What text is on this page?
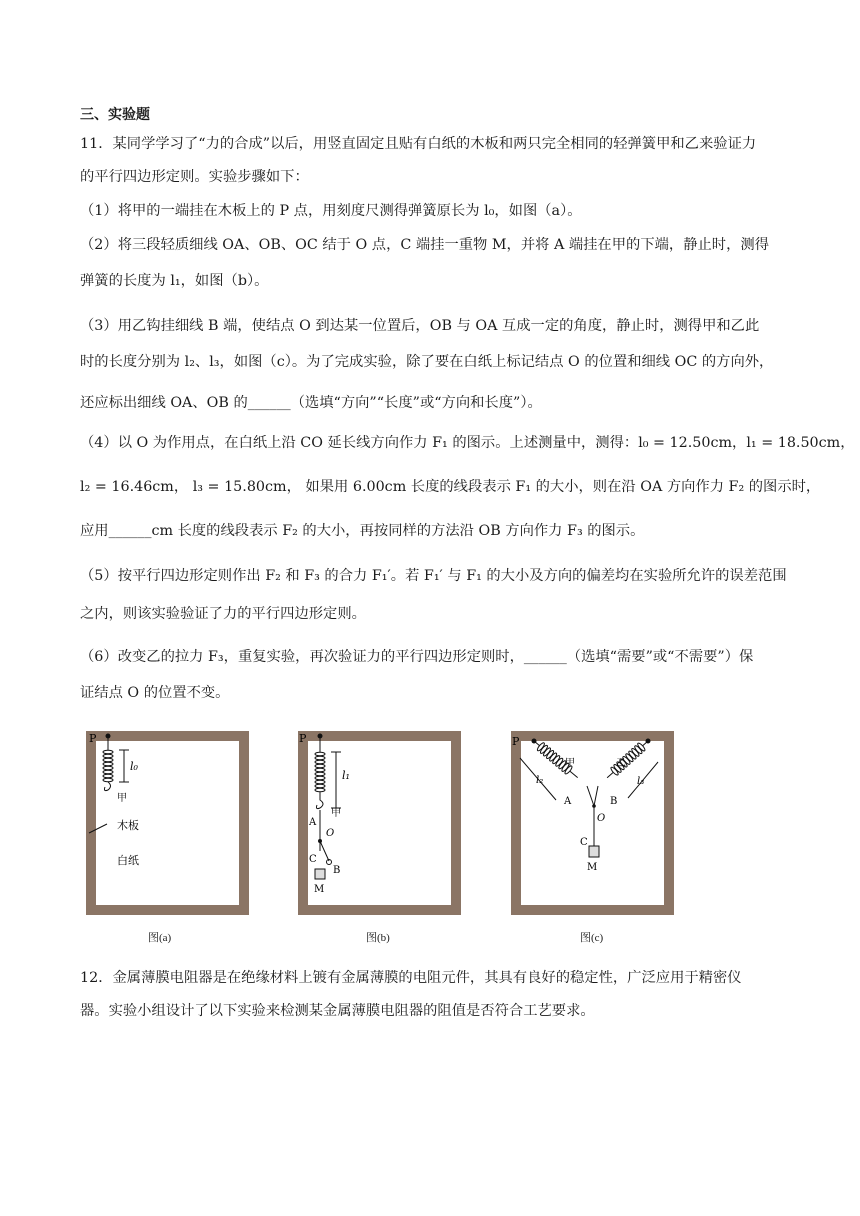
三、实验题
11．某同学学习了“力的合成”以后，用竖直固定且贴有白纸的木板和两只完全相同的轻弹簧甲和乙来验证力
的平行四边形定则。实验步骤如下：
（1）将甲的一端挂在木板上的 P 点，用刻度尺测得弹簧原长为 l₀，如图（a）。
（2）将三段轻质细线 OA、OB、OC 结于 O 点，C 端挂一重物 M，并将 A 端挂在甲的下端，静止时，测得
弹簧的长度为 l₁，如图（b）。
（3）用乙钩挂细线 B 端，使结点 O 到达某一位置后，OB 与 OA 互成一定的角度，静止时，测得甲和乙此
时的长度分别为 l₂、l₃，如图（c）。为了完成实验，除了要在白纸上标记结点 O 的位置和细线 OC 的方向外，
还应标出细线 OA、OB 的______（选填“方向”“长度”或“方向和长度”）。
（4）以 O 为作用点，在白纸上沿 CO 延长线方向作力 F₁ 的图示。上述测量中，测得：l₀ = 12.50cm，l₁ = 18.50cm，
l₂ = 16.46cm， l₃ = 15.80cm， 如果用 6.00cm 长度的线段表示 F₁ 的大小，则在沿 OA 方向作力 F₂ 的图示时，
应用______cm 长度的线段表示 F₂ 的大小，再按同样的方法沿 OB 方向作力 F₃ 的图示。
（5）按平行四边形定则作出 F₂ 和 F₃ 的合力 F₁′。若 F₁′ 与 F₁ 的大小及方向的偏差均在实验所允许的误差范围
之内，则该实验验证了力的平行四边形定则。
（6）改变乙的拉力 F₃，重复实验，再次验证力的平行四边形定则时，______（选填“需要”或“不需要”）保
证结点 O 的位置不变。
P
l₀
甲
木板
白纸
图(a)
P
l₁
甲
A
O
B
C
M
图(b)
P
l₂	l₃
甲	乙
A	B
O
C
M
图(c)
12．金属薄膜电阻器是在绝缘材料上镀有金属薄膜的电阻元件，其具有良好的稳定性，广泛应用于精密仪
器。实验小组设计了以下实验来检测某金属薄膜电阻器的阻值是否符合工艺要求。
